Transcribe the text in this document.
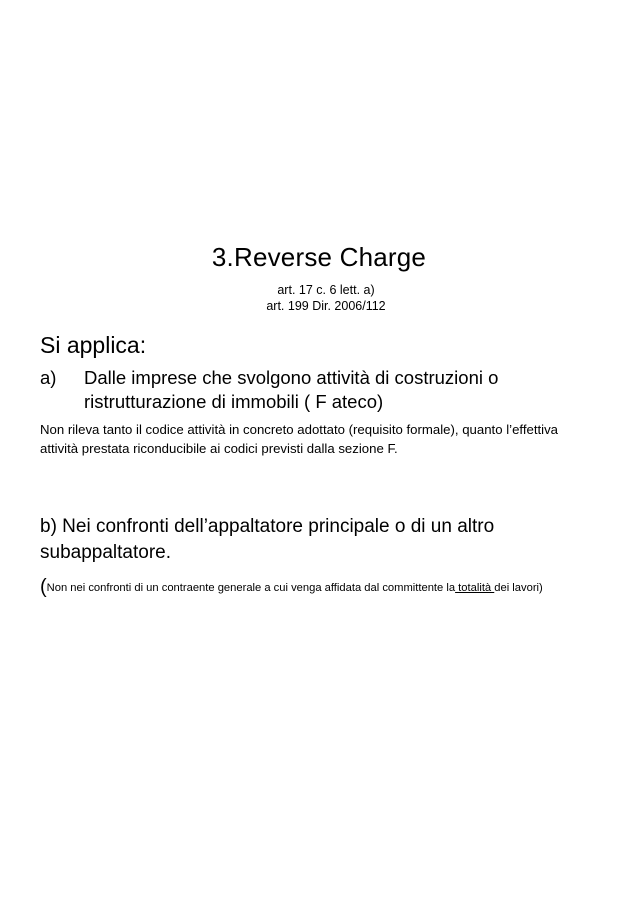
3.Reverse Charge
art. 17 c. 6 lett. a)
art. 199 Dir. 2006/112
Si applica:
a) Dalle imprese che svolgono attività di costruzioni o ristrutturazione di immobili ( F ateco)
Non rileva tanto il codice attività in concreto adottato (requisito formale), quanto l’effettiva attività prestata riconducibile ai codici previsti dalla sezione F.
b) Nei confronti dell’appaltatore principale o di un altro subappaltatore.
(Non nei confronti di un contraente generale a cui venga affidata dal committente la totalità dei lavori)
